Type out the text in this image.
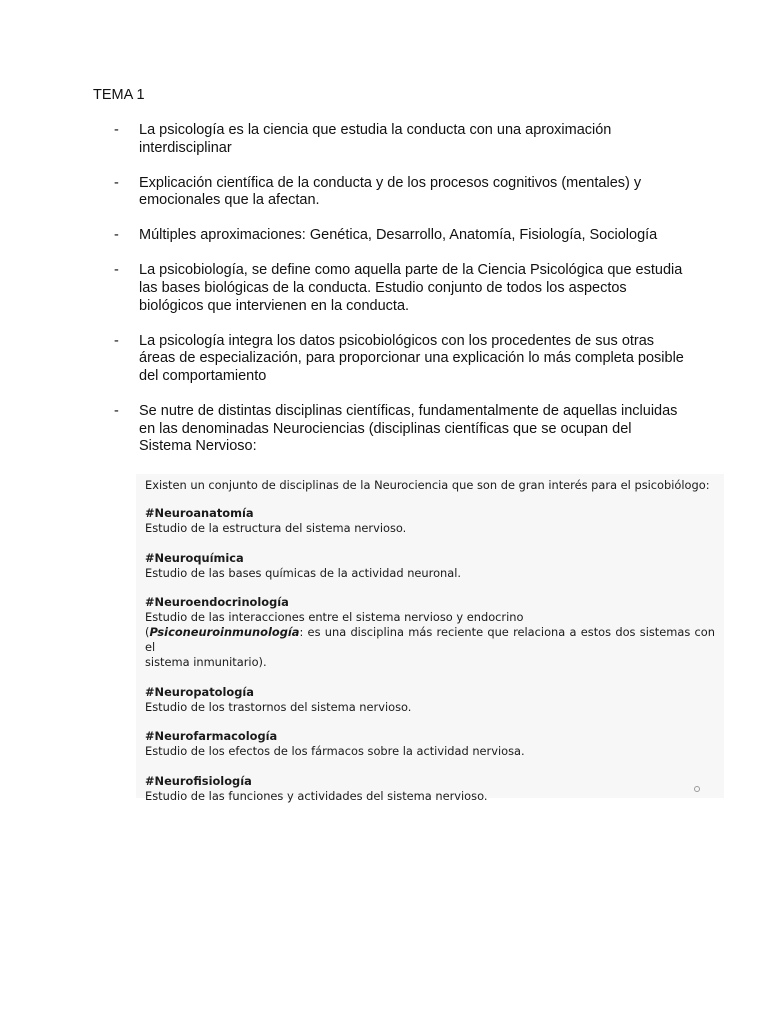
TEMA 1
- La psicología es la ciencia que estudia la conducta con una aproximación
interdisciplinar
- Explicación científica de la conducta y de los procesos cognitivos (mentales) y
emocionales que la afectan.
- Múltiples aproximaciones: Genética, Desarrollo, Anatomía, Fisiología, Sociología
- La psicobiología, se define como aquella parte de la Ciencia Psicológica que estudia
las bases biológicas de la conducta. Estudio conjunto de todos los aspectos
biológicos que intervienen en la conducta.
- La psicología integra los datos psicobiológicos con los procedentes de sus otras
áreas de especialización, para proporcionar una explicación lo más completa posible
del comportamiento
- Se nutre de distintas disciplinas científicas, fundamentalmente de aquellas incluidas
en las denominadas Neurociencias (disciplinas científicas que se ocupan del
Sistema Nervioso:

Existen un conjunto de disciplinas de la Neurociencia que son de gran interés para el psicobiólogo:

#Neuroanatomía
Estudio de la estructura del sistema nervioso.
#Neuroquímica
Estudio de las bases químicas de la actividad neuronal.
#Neuroendocrinología
Estudio de las interacciones entre el sistema nervioso y endocrino
(Psiconeuroinmunología: es una disciplina más reciente que relaciona a estos dos sistemas con el
sistema inmunitario).
#Neuropatología
Estudio de los trastornos del sistema nervioso.
#Neurofarmacología
Estudio de los efectos de los fármacos sobre la actividad nerviosa.
#Neurofisiología
Estudio de las funciones y actividades del sistema nervioso.
